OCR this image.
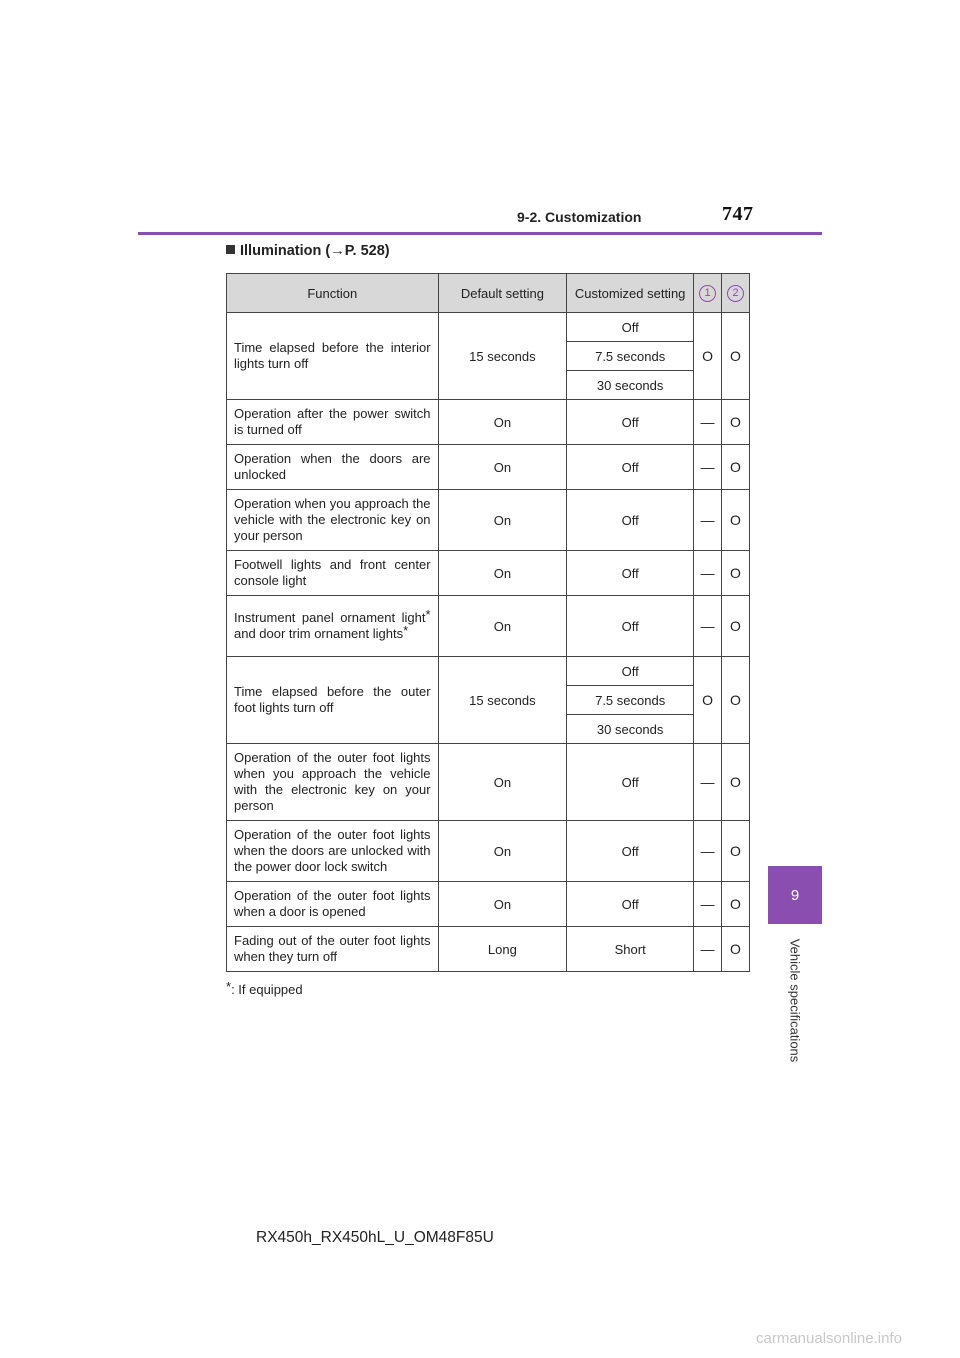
9-2. Customization	747
9
Vehicle specifications
Illumination (→P. 528)
Function	Default setting	Customized setting	1	2
Time elapsed before the interior lights turn off	15 seconds	Off	O	O
		7.5 seconds		
		30 seconds		
Operation after the power switch is turned off	On	Off	—	O
Operation when the doors are unlocked	On	Off	—	O
Operation when you approach the vehicle with the electronic key on your person	On	Off	—	O
Footwell lights and front center console light	On	Off	—	O
Instrument panel ornament light* and door trim ornament lights*	On	Off	—	O
Time elapsed before the outer foot lights turn off	15 seconds	Off	O	O
		7.5 seconds		
		30 seconds		
Operation of the outer foot lights when you approach the vehicle with the electronic key on your person	On	Off	—	O
Operation of the outer foot lights when the doors are unlocked with the power door lock switch	On	Off	—	O
Operation of the outer foot lights when a door is opened	On	Off	—	O
Fading out of the outer foot lights when they turn off	Long	Short	—	O
*: If equipped
RX450h_RX450hL_U_OM48F85U
carmanualsonline.info
